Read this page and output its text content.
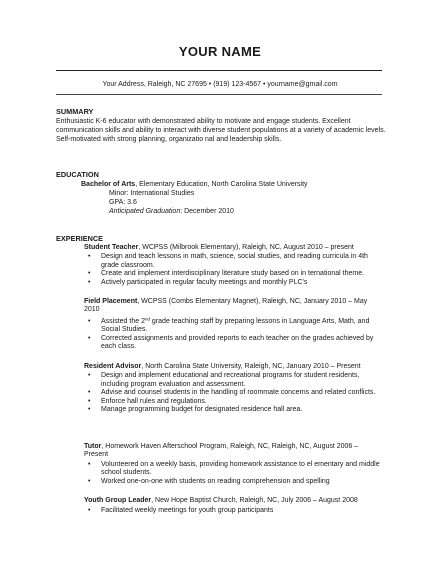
YOUR NAME
Your Address, Raleigh, NC 27695 • (919) 123-4567 • yourname@gmail.com
SUMMARY
Enthusiastic K-6 educator with demonstrated ability to motivate and engage students. Excellent communication skills and ability to interact with diverse student populations at a variety of academic levels. Self-motivated with strong planning, organizatio nal and leadership skills.
EDUCATION
Bachelor of Arts, Elementary Education, North Carolina State University
Minor: International Studies
GPA: 3.6
Anticipated Graduation: December 2010
EXPERIENCE
Student Teacher, WCPSS (Milbrook Elementary), Raleigh, NC, August 2010 – present
• Design and teach lessons in math, science, social studies, and reading curricula in 4th grade classroom.
• Create and implement interdisciplinary literature study based on in ternational theme.
• Actively participated in regular faculty meetings and monthly PLC's
Field Placement, WCPSS (Combs Elementary Magnet), Raleigh, NC, January 2010 – May 2010
• Assisted the 2nd grade teaching staff by preparing lessons in Language Arts, Math, and Social Studies.
• Corrected assignments and provided reports to each teacher on the grades achieved by each class.
Resident Advisor, North Carolina State University, Raleigh, NC, January 2010 – Present
• Design and implement educational and recreational programs for student residents, including program evaluation and assessment.
• Advise and counsel students in the handling of roommate concerns and related conflicts.
• Enforce hall rules and regulations.
• Manage programming budget for designated residence hall area.
Tutor, Homework Haven Afterschool Program, Raleigh, NC, Raleigh, NC, August 2006 – Present
• Volunteered on a weekly basis, providing homework assistance to el ementary and middle school students.
• Worked one-on-one with students on reading comprehension and spelling
Youth Group Leader, New Hope Baptist Church, Raleigh, NC, July 2006 – August 2008
• Facilitated weekly meetings for youth group participants
